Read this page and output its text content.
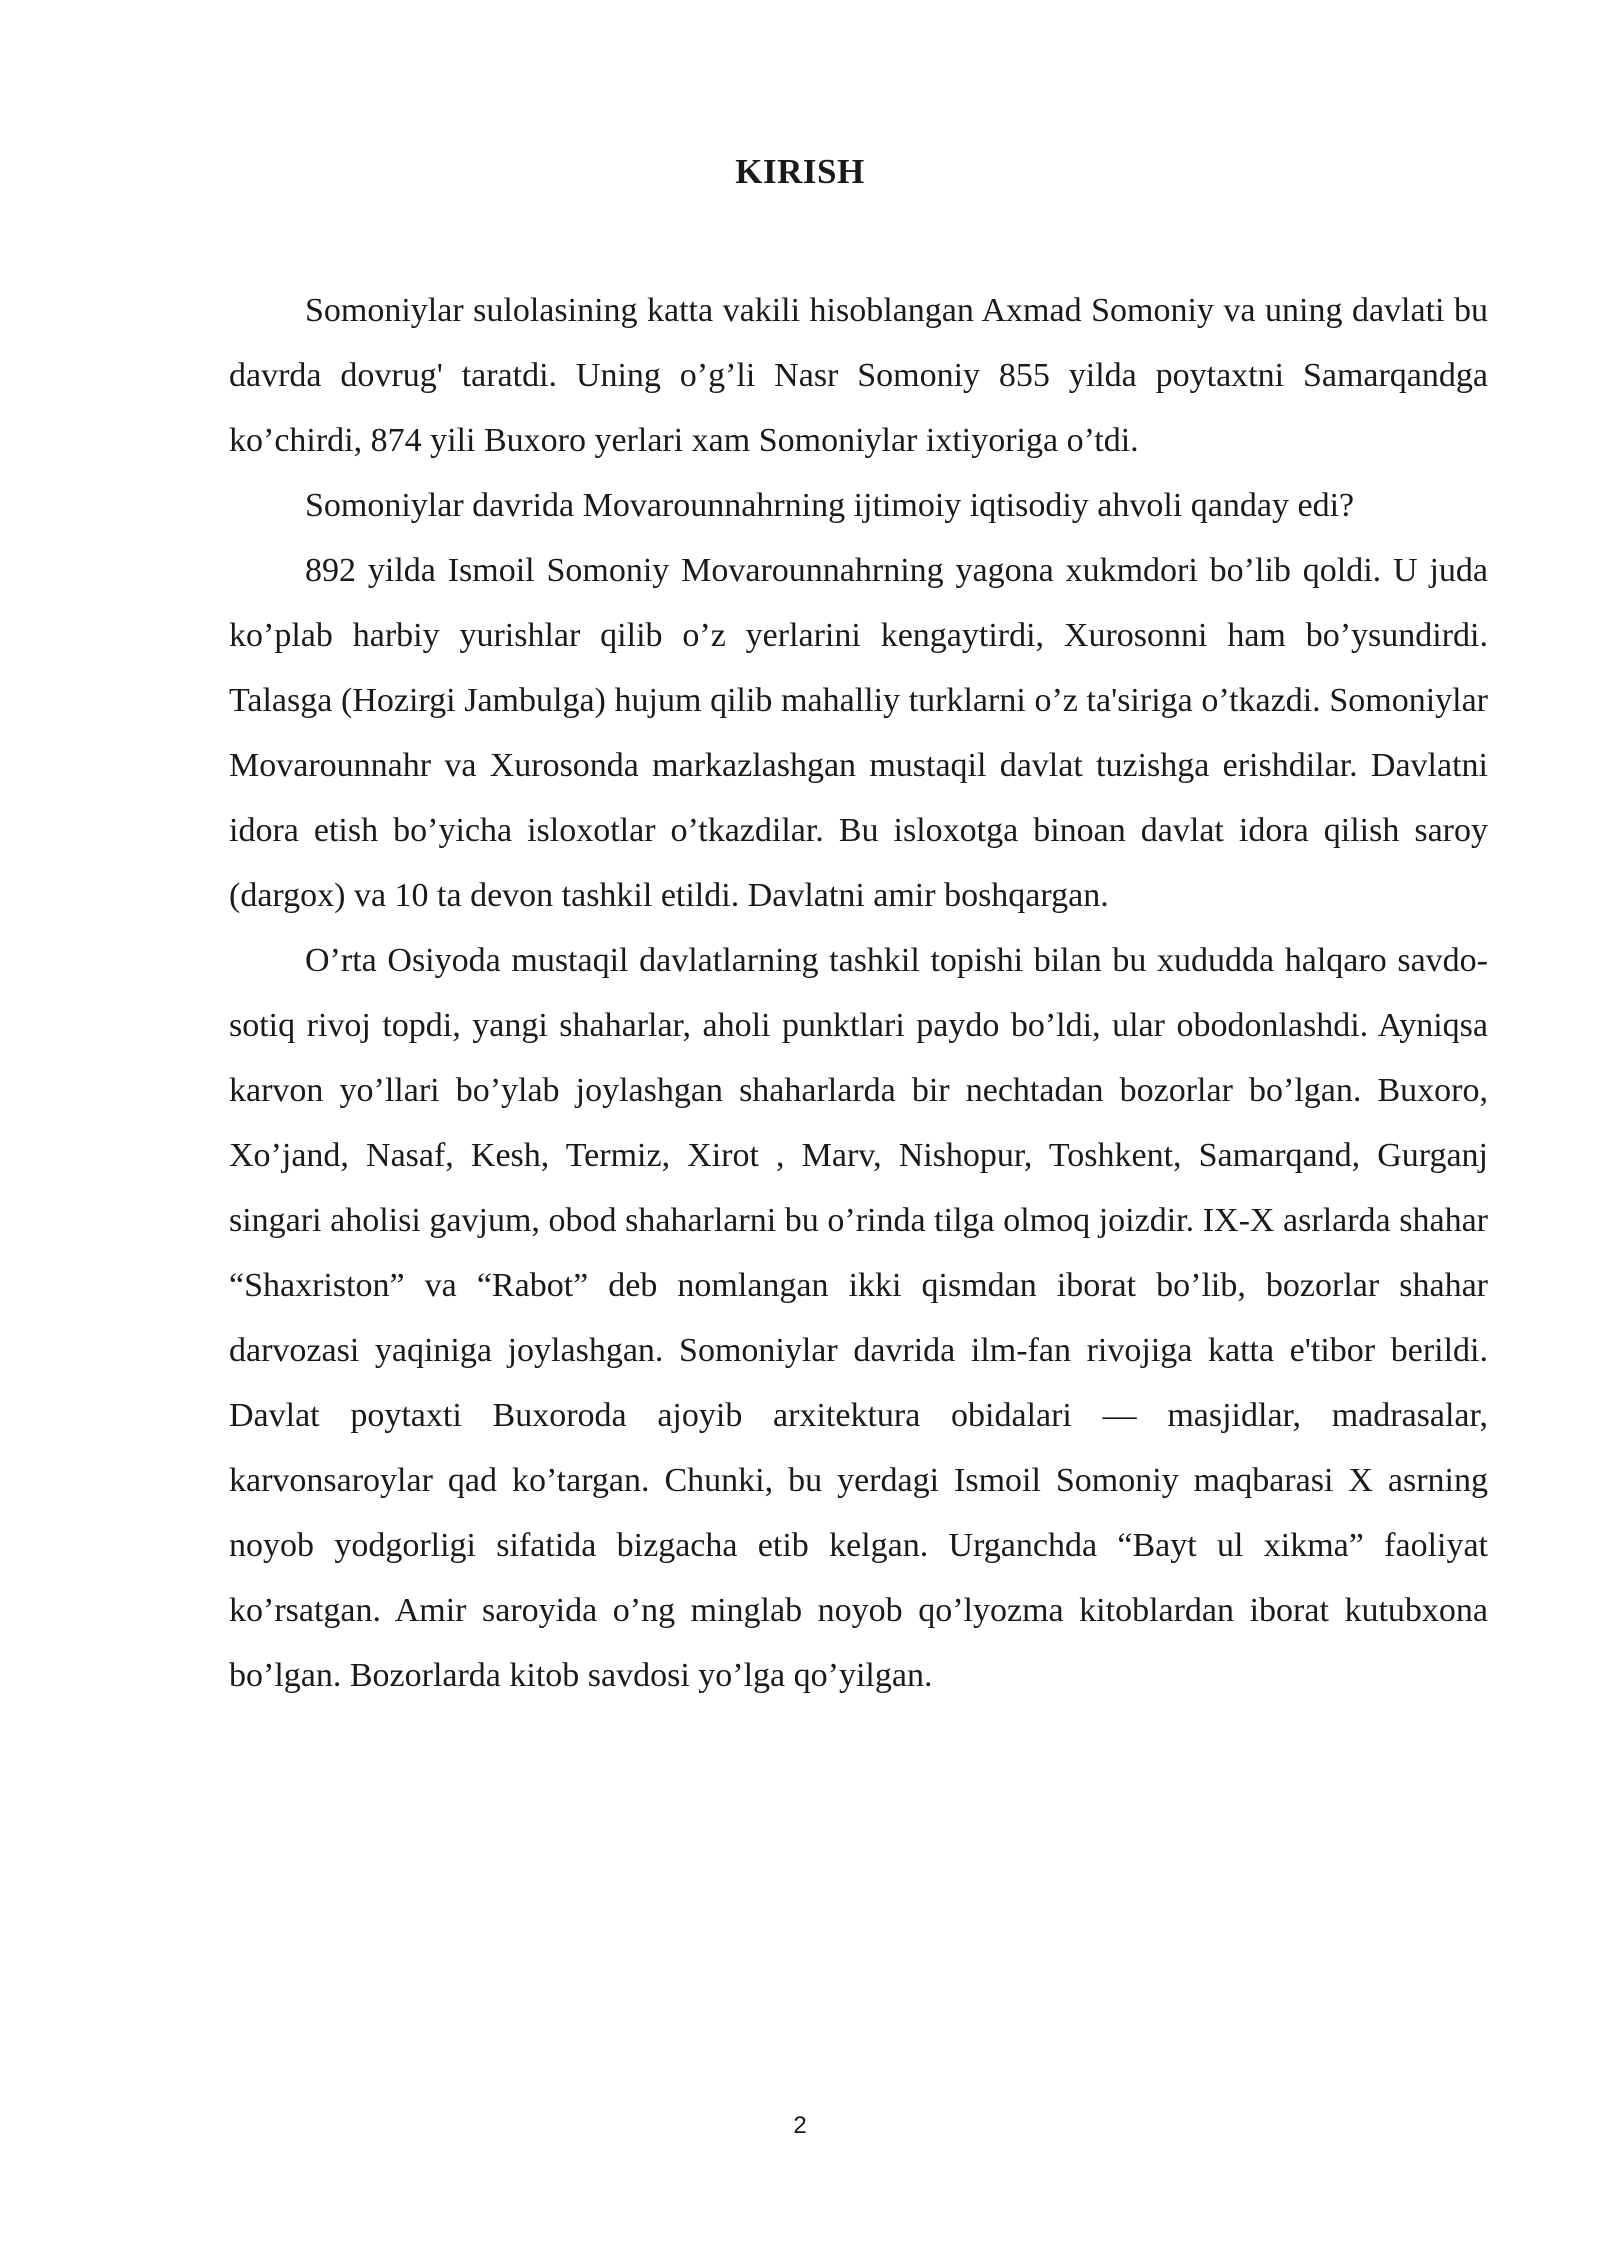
KIRISH

Somoniylar sulolasining katta vakili hisoblangan Axmad Somoniy va uning davlati bu davrda dovrug' taratdi. Uning o’g’li Nasr Somoniy 855 yilda poytaxtni Samarqandga ko’chirdi, 874 yili Buxoro yerlari xam Somoniylar ixtiyoriga o’tdi.

Somoniylar davrida Movarounnahrning ijtimoiy iqtisodiy ahvoli qanday edi?

892 yilda Ismoil Somoniy Movarounnahrning yagona xukmdori bo’lib qoldi. U juda ko’plab harbiy yurishlar qilib o’z yerlarini kengaytirdi, Xurosonni ham bo’ysundirdi. Talasga (Hozirgi Jambulga) hujum qilib mahalliy turklarni o’z ta'siriga o’tkazdi. Somoniylar Movarounnahr va Xurosonda markazlashgan mustaqil davlat tuzishga erishdilar. Davlatni idora etish bo’yicha isloxotlar o’tkazdilar. Bu isloxotga binoan davlat idora qilish saroy (dargox) va 10 ta devon tashkil etildi. Davlatni amir boshqargan.

O’rta Osiyoda mustaqil davlatlarning tashkil topishi bilan bu xududda halqaro savdo-sotiq rivoj topdi, yangi shaharlar, aholi punktlari paydo bo’ldi, ular obodonlashdi. Ayniqsa karvon yo’llari bo’ylab joylashgan shaharlarda bir nechtadan bozorlar bo’lgan. Buxoro, Xo’jand, Nasaf, Kesh, Termiz, Xirot , Marv, Nishopur, Toshkent, Samarqand, Gurganj singari aholisi gavjum, obod shaharlarni bu o’rinda tilga olmoq joizdir. IX-X asrlarda shahar “Shaxriston” va “Rabot” deb nomlangan ikki qismdan iborat bo’lib, bozorlar shahar darvozasi yaqiniga joylashgan. Somoniylar davrida ilm-fan rivojiga katta e'tibor berildi. Davlat poytaxti Buxoroda ajoyib arxitektura obidalari — masjidlar, madrasalar, karvonsaroylar qad ko’targan. Chunki, bu yerdagi Ismoil Somoniy maqbarasi X asrning noyob yodgorligi sifatida bizgacha etib kelgan. Urganchda “Bayt ul xikma” faoliyat ko’rsatgan. Amir saroyida o’ng minglab noyob qo’lyozma kitoblardan iborat kutubxona bo’lgan. Bozorlarda kitob savdosi yo’lga qo’yilgan.

2
